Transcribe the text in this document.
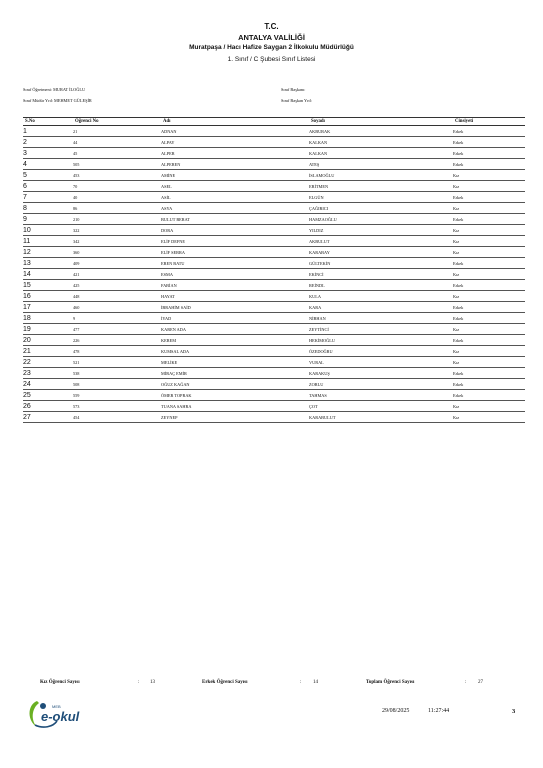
T.C.
ANTALYA VALİLİĞİ
Muratpaşa / Hacı Hafize Saygan 2 İlkokulu Müdürlüğü
1. Sınıf / C Şubesi Sınıf Listesi
Sınıf Öğretmeni: MURAT İLOĞLU	Sınıf Başkanı:
Sınıf Müdür Yrd: MEHMET GÜLEŞİR	Sınıf Başkan Yrd:
S.No	Öğrenci No	Adı	Soyadı	Cinsiyeti
1	21	ADNAN	AKBURAK	Erkek
2	44	ALPAY	KALKAN	Erkek
3	45	ALPER	KALKAN	Erkek
4	505	ALPEREN	ATEŞ	Erkek
5	453	AMİNE	İSLAMOĞLU	Kız
6	70	ASEL	ERİTMEN	Kız
7	40	ASİL	ELGÜN	Erkek
8	86	ASYA	ÇAĞIRICI	Kız
9	210	BULUT BERAT	HAMZAOĞLU	Erkek
10	322	DORA	YILDIZ	Kız
11	342	ELİF DEFNE	AKBULUT	Kız
12	360	ELİF SERRA	KARABAY	Kız
13	409	EREN BATU	GÜLTEKİN	Erkek
14	421	ESMA	EKİNCİ	Kız
15	425	FABİAN	REİNDL	Erkek
16	448	HAYAT	KULA	Kız
17	460	İBRAHİM SAİD	KARA	Erkek
18	9	İYAD	NİBHAN	Erkek
19	477	KAREN ADA	ZEYTİNCİ	Kız
20	226	KEREM	HEKİMOĞLU	Erkek
21	478	KUMSAL ADA	ÖZEDOĞRU	Kız
22	521	MELİKE	VURAL	Kız
23	538	MİRAÇ EMİR	KARAKUŞ	Erkek
24	508	OĞUZ KAĞAN	ZORLU	Erkek
25	559	ÖMER TOPRAK	TAHMAS	Erkek
26	573	TUANA SAHRA	ÇOT	Kız
27	454	ZEYNEP	KARABULUT	Kız
Kız Öğrenci Sayısı	: 13	Erkek Öğrenci Sayısı	: 14	Toplam Öğrenci Sayısı	: 27
MEB
e-okul	29/08/2025	11:27:44	3
